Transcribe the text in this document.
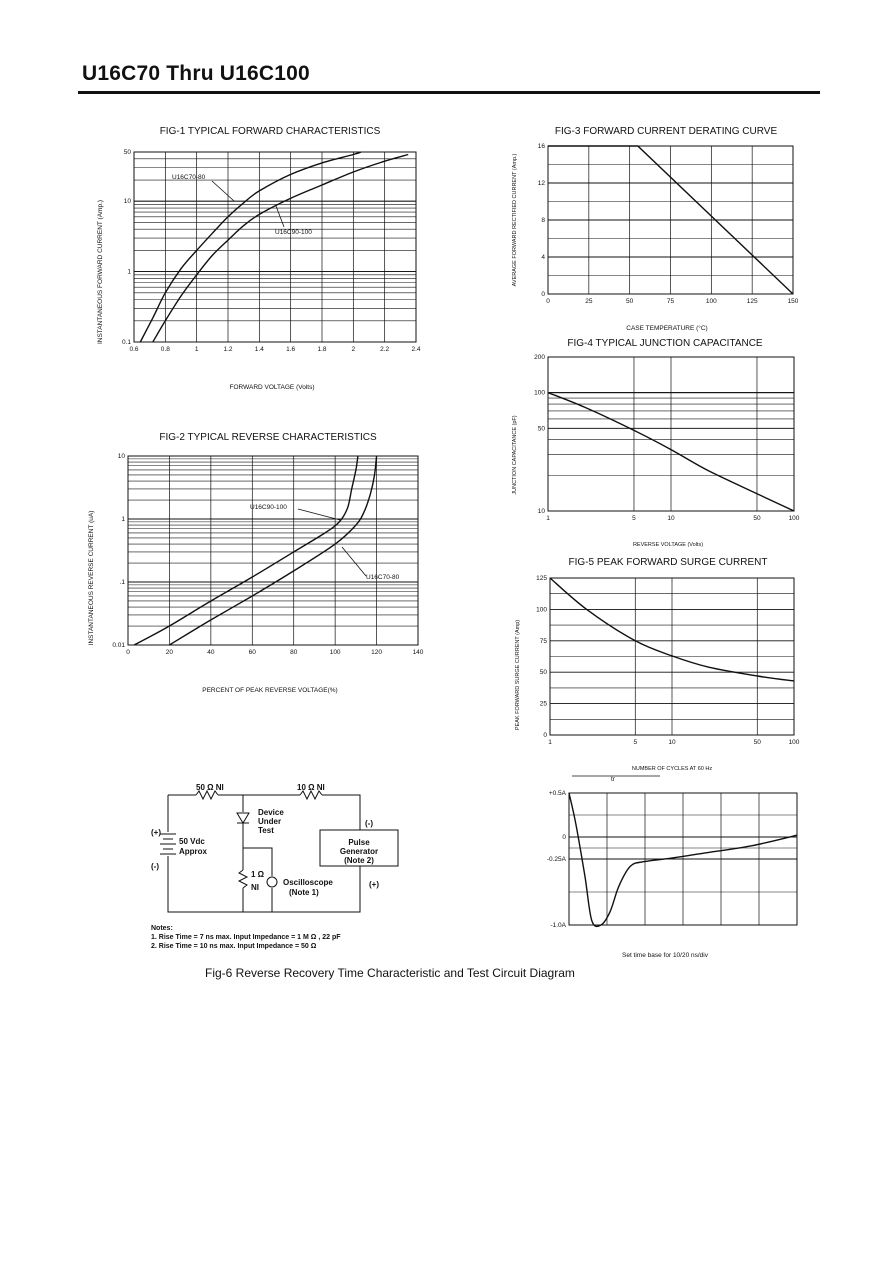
U16C70 Thru U16C100
FIG-1 TYPICAL FORWARD CHARACTERISTICS
FORWARD VOLTAGE (Volts)
INSTANTANEOUS FORWARD CURRENT (Amp.)
0.6	0.8	1	1.2	1.4	1.6	1.8	2	2.2	2.4
0.1
1
10
50
U16C70-80
U16C90-100
FIG-2 TYPICAL REVERSE CHARACTERISTICS
PERCENT OF PEAK REVERSE VOLTAGE(%)
INSTANTANEOUS REVERSE CURRENT (uA)
0	20	40	60	80	100	120	140
0.01
.1
1
10
U16C90-100
U16C70-80
FIG-3 FORWARD CURRENT DERATING CURVE
CASE TEMPERATURE (°C)
AVERAGE FORWARD RECTIFIED CURRENT (Amp.)
0	25	50	75	100	125	150
0
4
8
12
16
FIG-4 TYPICAL JUNCTION CAPACITANCE
REVERSE VOLTAGE (Volts)
JUNCTION CAPACITANCE (pF)
1	5	10	50	100
10
50
100
200
FIG-5 PEAK FORWARD SURGE CURRENT
NUMBER OF CYCLES AT 60 Hz
PEAK FORWARD SURGE CURRENT (Amp)
1	5	10	50	100
0
25
50
75
100
125
+0.5A
0
-0.25A
-1.0A
tr
Set time base for 10/20 ns/div
50 Ω NI	10 Ω NI
Device
Under
Test
(+)
50 Vdc
Approx
(-)
(-)
Pulse
Generator
(Note 2)
(+)
1 Ω
NI
Oscilloscope
(Note 1)
Notes:
1. Rise Time = 7 ns max. Input Impedance = 1 M Ω , 22 pF
2. Rise Time = 10 ns max. Input Impedance = 50 Ω
Fig-6 Reverse Recovery Time Characteristic and Test Circuit Diagram
